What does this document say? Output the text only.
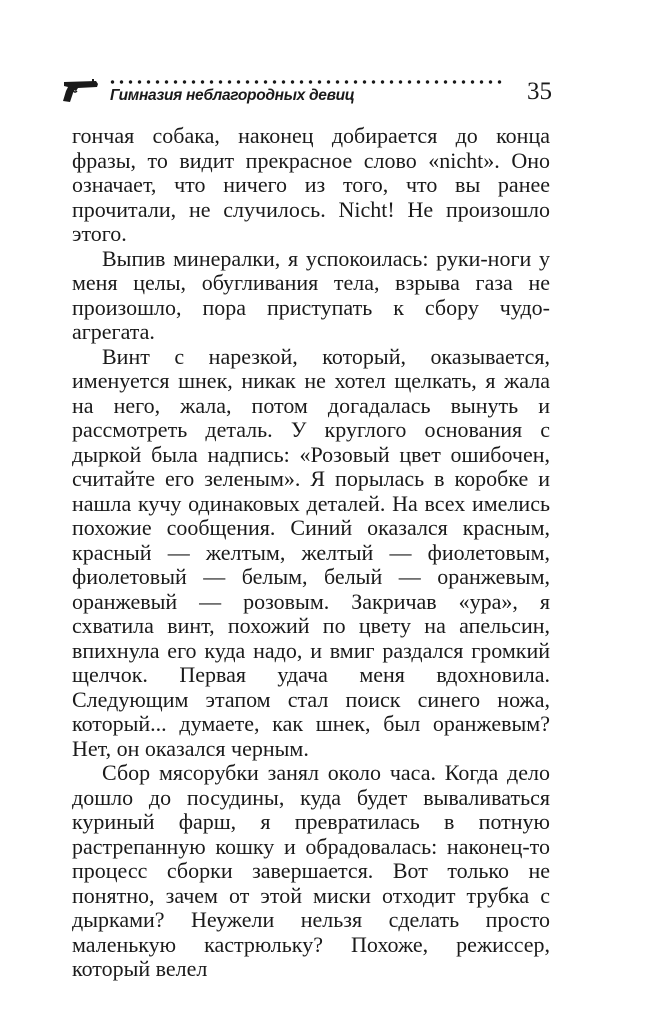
Гимназия неблагородных девиц	35

гончая собака, наконец добирается до конца фразы, то видит прекрасное слово «nicht». Оно означает, что ничего из того, что вы ранее прочитали, не случилось. Nicht! Не произошло этого.

Выпив минералки, я успокоилась: руки-ноги у меня целы, обугливания тела, взрыва газа не произошло, пора приступать к сбору чудо-агрегата.

Винт с нарезкой, который, оказывается, именуется шнек, никак не хотел щелкать, я жала на него, жала, потом догадалась вынуть и рассмотреть деталь. У круглого основания с дыркой была надпись: «Розовый цвет ошибочен, считайте его зеленым». Я порылась в коробке и нашла кучу одинаковых деталей. На всех имелись похожие сообщения. Синий оказался красным, красный — желтым, желтый — фиолетовым, фиолетовый — белым, белый — оранжевым, оранжевый — розовым. Закричав «ура», я схватила винт, похожий по цвету на апельсин, впихнула его куда надо, и вмиг раздался громкий щелчок. Первая удача меня вдохновила. Следующим этапом стал поиск синего ножа, который... думаете, как шнек, был оранжевым? Нет, он оказался черным.

Сбор мясорубки занял около часа. Когда дело дошло до посудины, куда будет вываливаться куриный фарш, я превратилась в потную растрепанную кошку и обрадовалась: наконец-то процесс сборки завершается. Вот только не понятно, зачем от этой миски отходит трубка с дырками? Неужели нельзя сделать просто маленькую кастрюльку? Похоже, режиссер, который велел
